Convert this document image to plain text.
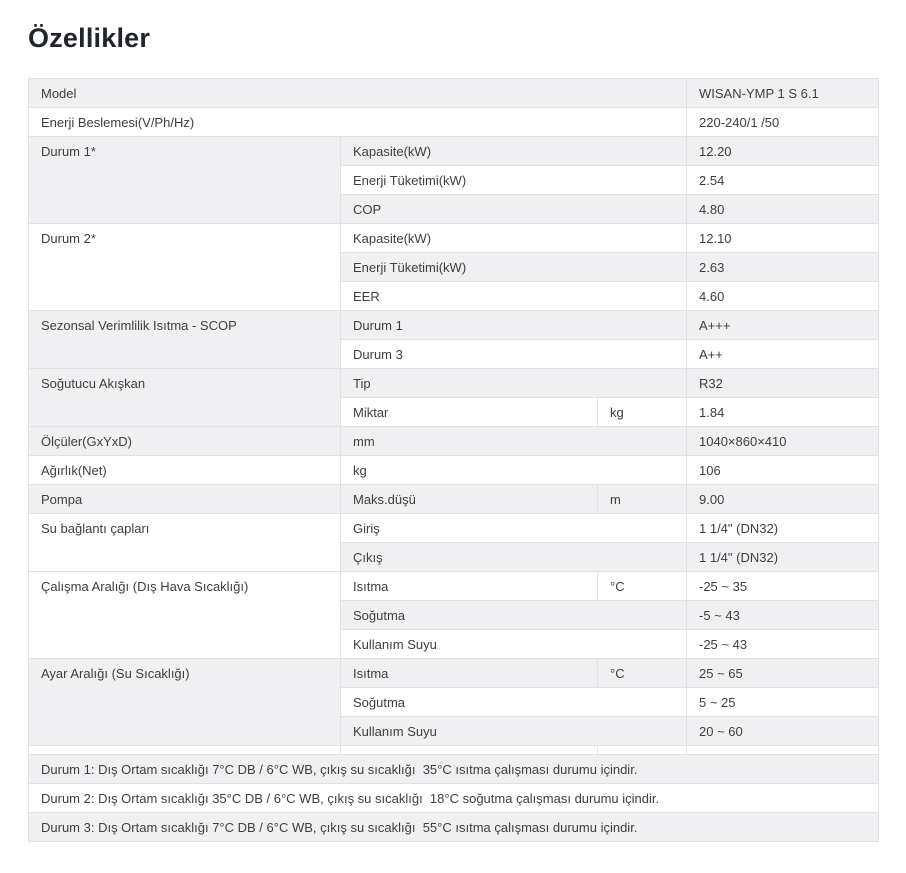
Özellikler
Model			WISAN-YMP 1 S 6.1
Enerji Beslemesi(V/Ph/Hz)			220-240/1 /50
Durum 1*	Kapasite(kW)		12.20
	Enerji Tüketimi(kW)		2.54
	COP		4.80
Durum 2*	Kapasite(kW)		12.10
	Enerji Tüketimi(kW)		2.63
	EER		4.60
Sezonsal Verimlilik Isıtma - SCOP	Durum 1		A+++
	Durum 3		A++
Soğutucu Akışkan	Tip		R32
	Miktar	kg	1.84
Ölçüler(GxYxD)	mm		1040×860×410
Ağırlık(Net)	kg		106
Pompa	Maks.düşü	m	9.00
Su bağlantı çapları	Giriş		1 1/4" (DN32)
	Çıkış		1 1/4" (DN32)
Çalışma Aralığı (Dış Hava Sıcaklığı)	Isıtma	°C	-25 ~ 35
	Soğutma		-5 ~ 43
	Kullanım Suyu		-25 ~ 43
Ayar Aralığı (Su Sıcaklığı)	Isıtma	°C	25 ~ 65
	Soğutma		5 ~ 25
	Kullanım Suyu		20 ~ 60

Durum 1: Dış Ortam sıcaklığı 7°C DB / 6°C WB, çıkış su sıcaklığı  35°C ısıtma çalışması durumu içindir.			
Durum 2: Dış Ortam sıcaklığı 35°C DB / 6°C WB, çıkış su sıcaklığı  18°C soğutma çalışması durumu içindir.			
Durum 3: Dış Ortam sıcaklığı 7°C DB / 6°C WB, çıkış su sıcaklığı  55°C ısıtma çalışması durumu içindir.			
